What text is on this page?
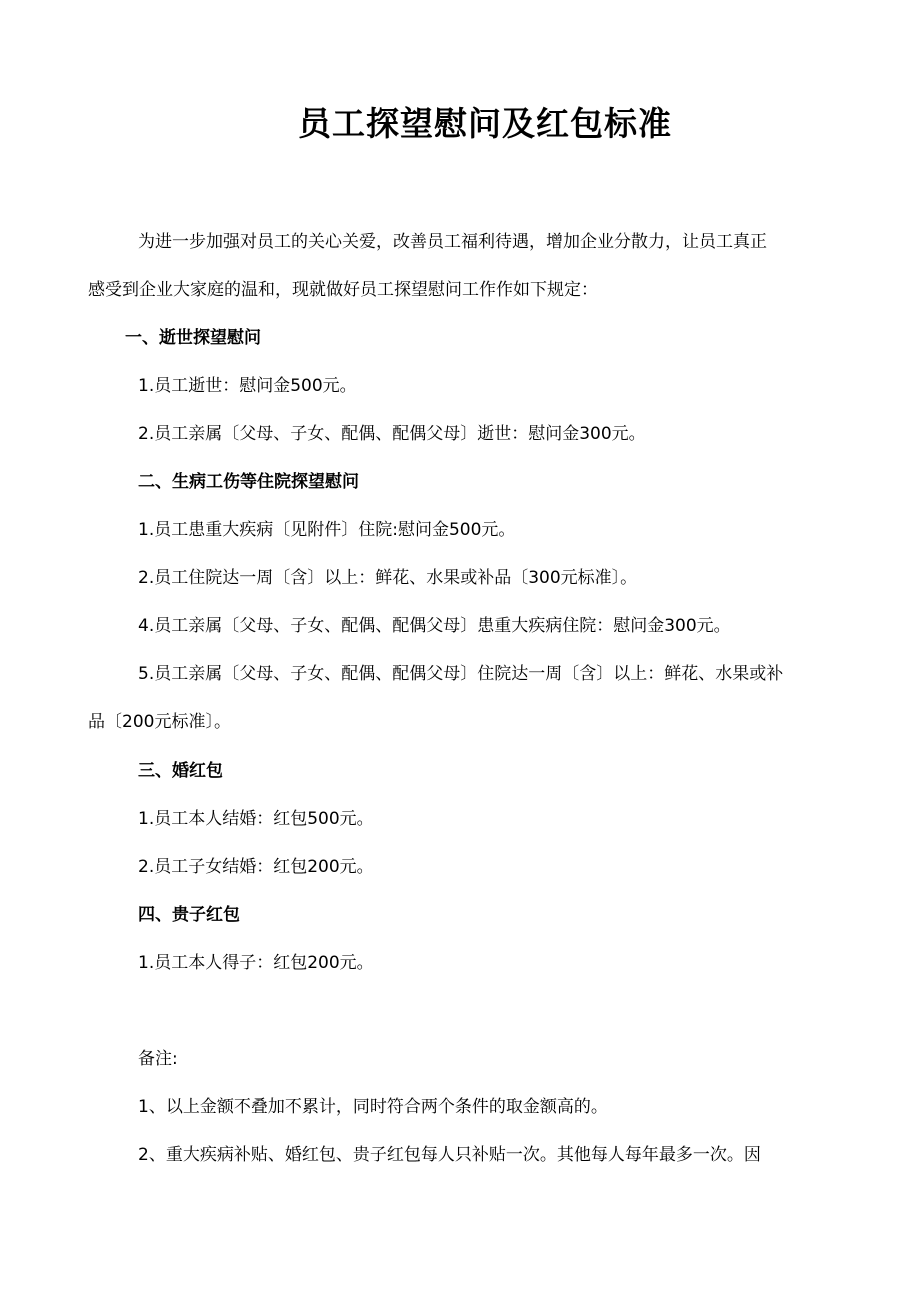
员工探望慰问及红包标准
为进一步加强对员工的关心关爱，改善员工福利待遇，增加企业分散力，让员工真正
感受到企业大家庭的温和，现就做好员工探望慰问工作作如下规定：
一、逝世探望慰问
1.员工逝世：慰问金500元。
2.员工亲属〔父母、子女、配偶、配偶父母〕逝世：慰问金300元。
二、生病工伤等住院探望慰问
1.员工患重大疾病〔见附件〕住院:慰问金500元。
2.员工住院达一周〔含〕以上：鲜花、水果或补品〔300元标准〕。
4.员工亲属〔父母、子女、配偶、配偶父母〕患重大疾病住院：慰问金300元。
5.员工亲属〔父母、子女、配偶、配偶父母〕住院达一周〔含〕以上：鲜花、水果或补
品〔200元标准〕。
三、婚红包
1.员工本人结婚：红包500元。
2.员工子女结婚：红包200元。
四、贵子红包
1.员工本人得子：红包200元。
备注:
1、以上金额不叠加不累计，同时符合两个条件的取金额高的。
2、重大疾病补贴、婚红包、贵子红包每人只补贴一次。其他每人每年最多一次。因
